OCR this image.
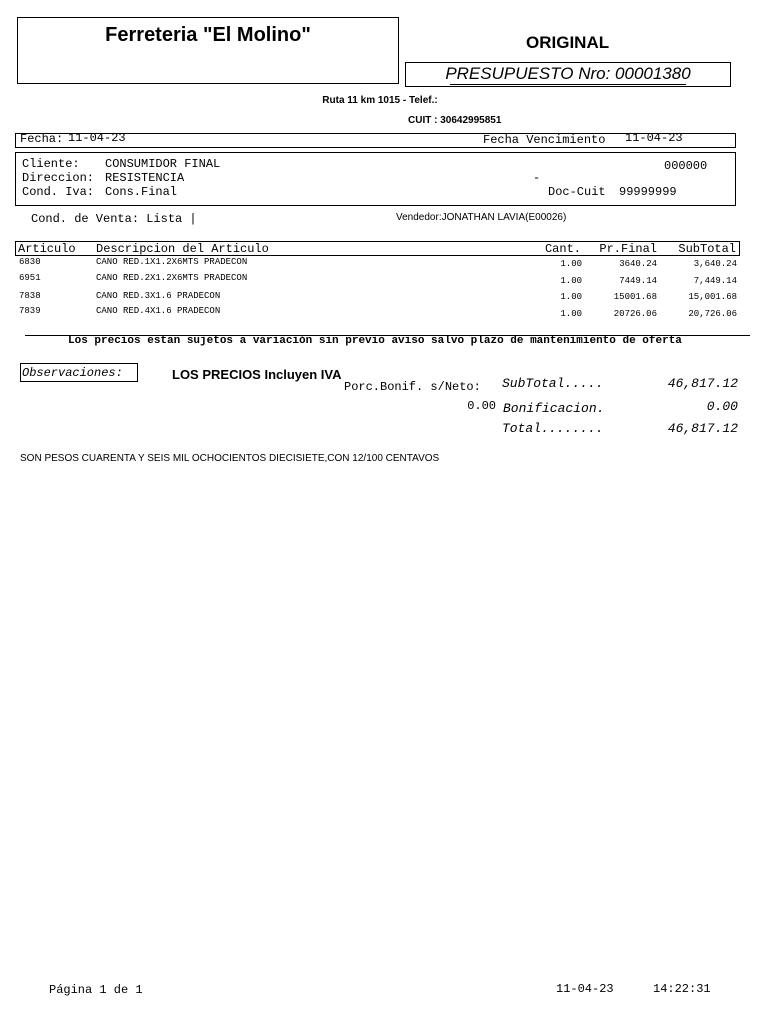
Ferreteria "El Molino"	ORIGINAL
PRESUPUESTO Nro: 00001380
Ruta 11 km 1015 - Telef.:
CUIT : 30642995851
Fecha: 11-04-23	Fecha Vencimiento 11-04-23
Cliente: CONSUMIDOR FINAL	000000
Direccion: RESISTENCIA	-
Cond. Iva: Cons.Final	Doc-Cuit 99999999
Cond. de Venta: Lista |	Vendedor:JONATHAN LAVIA(E00026)
Articulo Descripcion del Articulo	Cant.	Pr.Final	SubTotal
6830	CANO RED.1X1.2X6MTS PRADECON	1.00	3640.24	3,640.24
6951	CANO RED.2X1.2X6MTS PRADECON	1.00	7449.14	7,449.14
7838	CANO RED.3X1.6 PRADECON	1.00	15001.68	15,001.68
7839	CANO RED.4X1.6 PRADECON	1.00	20726.06	20,726.06
Los precios estan sujetos a variación sin previo aviso salvo plazo de mantenimiento de oferta
Observaciones:	LOS PRECIOS Incluyen IVA
Porc.Bonif. s/Neto:
0.00
SubTotal.....	46,817.12
Bonificacion.	0.00
Total........	46,817.12
SON PESOS CUARENTA Y SEIS MIL OCHOCIENTOS DIECISIETE,CON 12/100 CENTAVOS
Página 1 de 1	11-04-23	14:22:31
